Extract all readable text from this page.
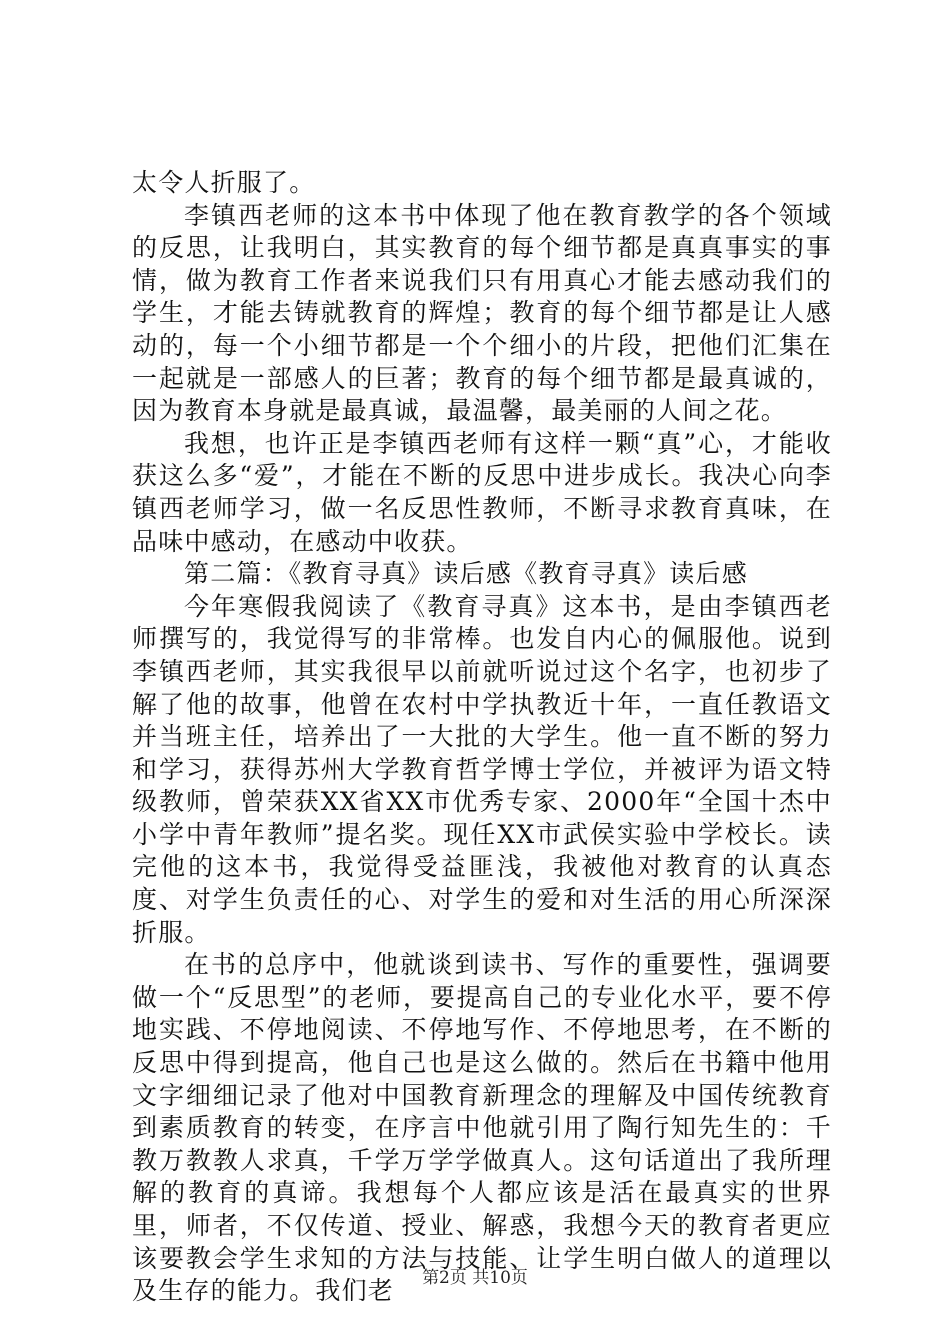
太令人折服了。

李镇西老师的这本书中体现了他在教育教学的各个领域的反思，让我明白，其实教育的每个细节都是真真事实的事情，做为教育工作者来说我们只有用真心才能去感动我们的学生，才能去铸就教育的辉煌；教育的每个细节都是让人感动的，每一个小细节都是一个个细小的片段，把他们汇集在一起就是一部感人的巨著；教育的每个细节都是最真诚的，因为教育本身就是最真诚，最温馨，最美丽的人间之花。

我想，也许正是李镇西老师有这样一颗“真”心，才能收获这么多“爱”，才能在不断的反思中进步成长。我决心向李镇西老师学习，做一名反思性教师，不断寻求教育真味，在品味中感动，在感动中收获。

第二篇：《教育寻真》读后感《教育寻真》读后感

今年寒假我阅读了《教育寻真》这本书，是由李镇西老师撰写的，我觉得写的非常棒。也发自内心的佩服他。说到李镇西老师，其实我很早以前就听说过这个名字，也初步了解了他的故事，他曾在农村中学执教近十年，一直任教语文并当班主任，培养出了一大批的大学生。他一直不断的努力和学习，获得苏州大学教育哲学博士学位，并被评为语文特级教师，曾荣获XX省XX市优秀专家、2000年“全国十杰中小学中青年教师”提名奖。现任XX市武侯实验中学校长。读完他的这本书，我觉得受益匪浅，我被他对教育的认真态度、对学生负责任的心、对学生的爱和对生活的用心所深深折服。

在书的总序中，他就谈到读书、写作的重要性，强调要做一个“反思型”的老师，要提高自己的专业化水平，要不停地实践、不停地阅读、不停地写作、不停地思考，在不断的反思中得到提高，他自己也是这么做的。然后在书籍中他用文字细细记录了他对中国教育新理念的理解及中国传统教育到素质教育的转变，在序言中他就引用了陶行知先生的：千教万教教人求真，千学万学学做真人。这句话道出了我所理解的教育的真谛。我想每个人都应该是活在最真实的世界里，师者，不仅传道、授业、解惑，我想今天的教育者更应该要教会学生求知的方法与技能、让学生明白做人的道理以及生存的能力。我们老	第2页 共10页
